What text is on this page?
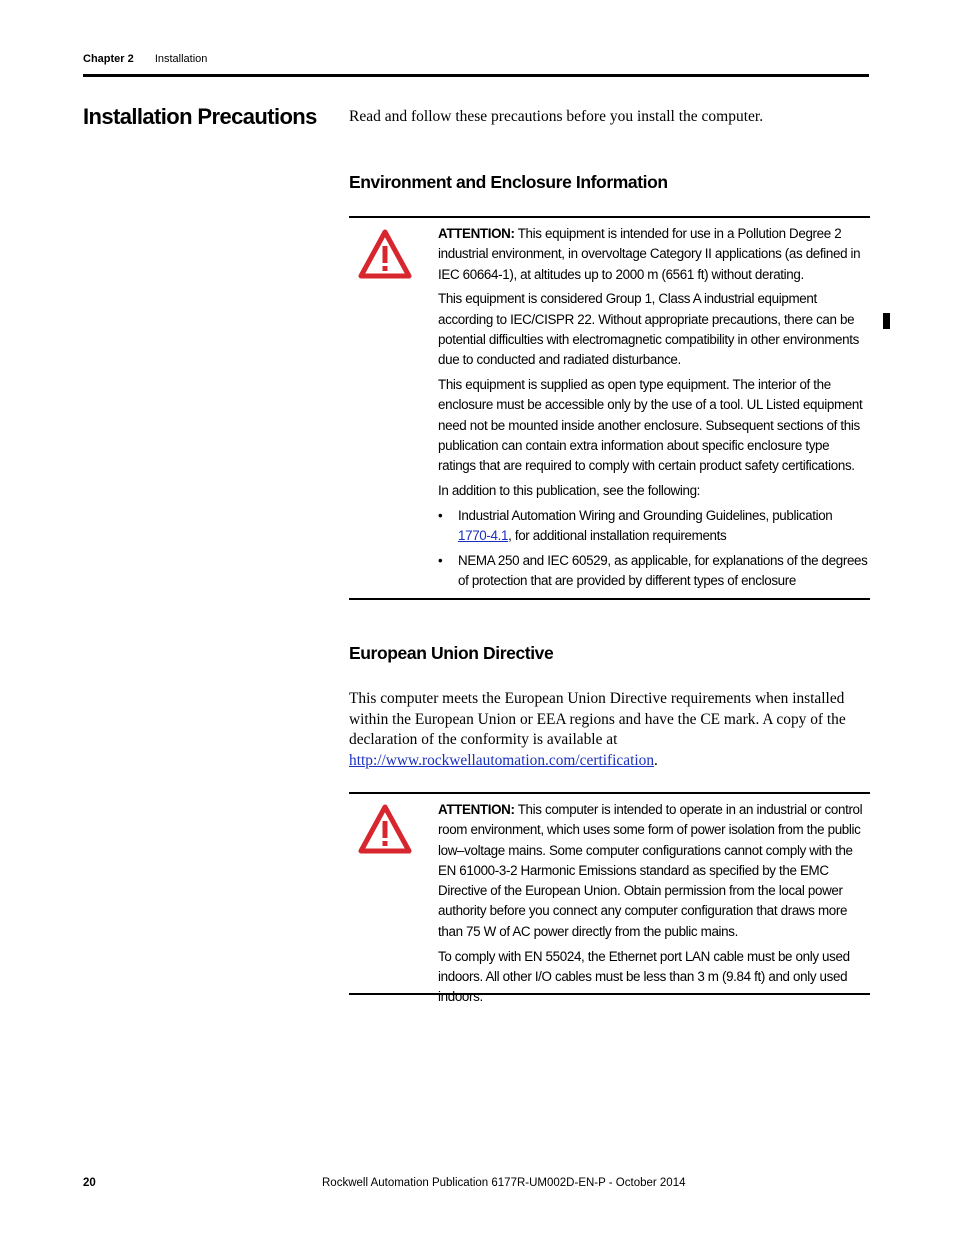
Chapter 2 Installation
Installation Precautions Read and follow these precautions before you install the computer.

Environment and Enclosure Information

ATTENTION: This equipment is intended for use in a Pollution Degree 2 industrial environment, in overvoltage Category II applications (as defined in IEC 60664-1), at altitudes up to 2000 m (6561 ft) without derating.

This equipment is considered Group 1, Class A industrial equipment according to IEC/CISPR 22. Without appropriate precautions, there can be potential difficulties with electromagnetic compatibility in other environments due to conducted and radiated disturbance.

This equipment is supplied as open type equipment. The interior of the enclosure must be accessible only by the use of a tool. UL Listed equipment need not be mounted inside another enclosure. Subsequent sections of this publication can contain extra information about specific enclosure type ratings that are required to comply with certain product safety certifications.

In addition to this publication, see the following:

• Industrial Automation Wiring and Grounding Guidelines, publication 1770-4.1, for additional installation requirements
• NEMA 250 and IEC 60529, as applicable, for explanations of the degrees of protection that are provided by different types of enclosure
European Union Directive

This computer meets the European Union Directive requirements when installed within the European Union or EEA regions and have the CE mark. A copy of the declaration of the conformity is available at http://www.rockwellautomation.com/certification.

ATTENTION: This computer is intended to operate in an industrial or control room environment, which uses some form of power isolation from the public low–voltage mains. Some computer configurations cannot comply with the EN 61000-3-2 Harmonic Emissions standard as specified by the EMC Directive of the European Union. Obtain permission from the local power authority before you connect any computer configuration that draws more than 75 W of AC power directly from the public mains.

To comply with EN 55024, the Ethernet port LAN cable must be only used indoors. All other I/O cables must be less than 3 m (9.84 ft) and only used indoors.

20	Rockwell Automation Publication 6177R-UM002D-EN-P - October 2014
